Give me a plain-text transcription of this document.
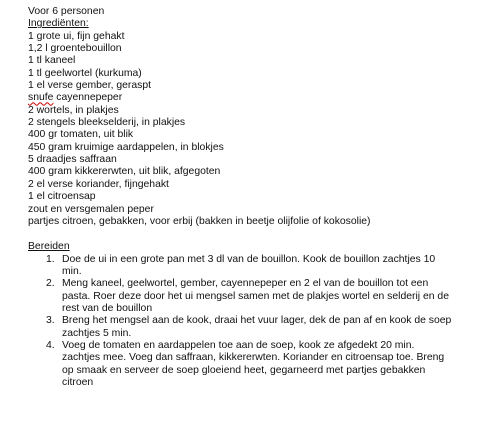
Voor 6 personen
Ingrediënten:
1 grote ui, fijn gehakt
1,2 l groentebouillon
1 tl kaneel
1 tl geelwortel (kurkuma)
1 el verse gember, geraspt
snufe cayennepeper
2 wortels, in plakjes
2 stengels bleekselderij, in plakjes
400 gr tomaten, uit blik
450 gram kruimige aardappelen, in blokjes
5 draadjes saffraan
400 gram kikkererwten, uit blik, afgegoten
2 el verse koriander, fijngehakt
1 el citroensap
zout en versgemalen peper
partjes citroen, gebakken, voor erbij (bakken in beetje olijfolie of kokosolie)
Bereiden
1. Doe de ui in een grote pan met 3 dl van de bouillon. Kook de bouillon zachtjes 10 min.
2. Meng kaneel, geelwortel, gember, cayennepeper en 2 el van de bouillon tot een pasta. Roer deze door het ui mengsel samen met de plakjes wortel en selderij en de rest van de bouillon
3. Breng het mengsel aan de kook, draai het vuur lager, dek de pan af en kook de soep zachtjes 5 min.
4. Voeg de tomaten en aardappelen toe aan de soep, kook ze afgedekt 20 min. zachtjes mee. Voeg dan saffraan, kikkererwten. Koriander en citroensap toe. Breng op smaak en serveer de soep gloeiend heet, gegarneerd met partjes gebakken citroen
